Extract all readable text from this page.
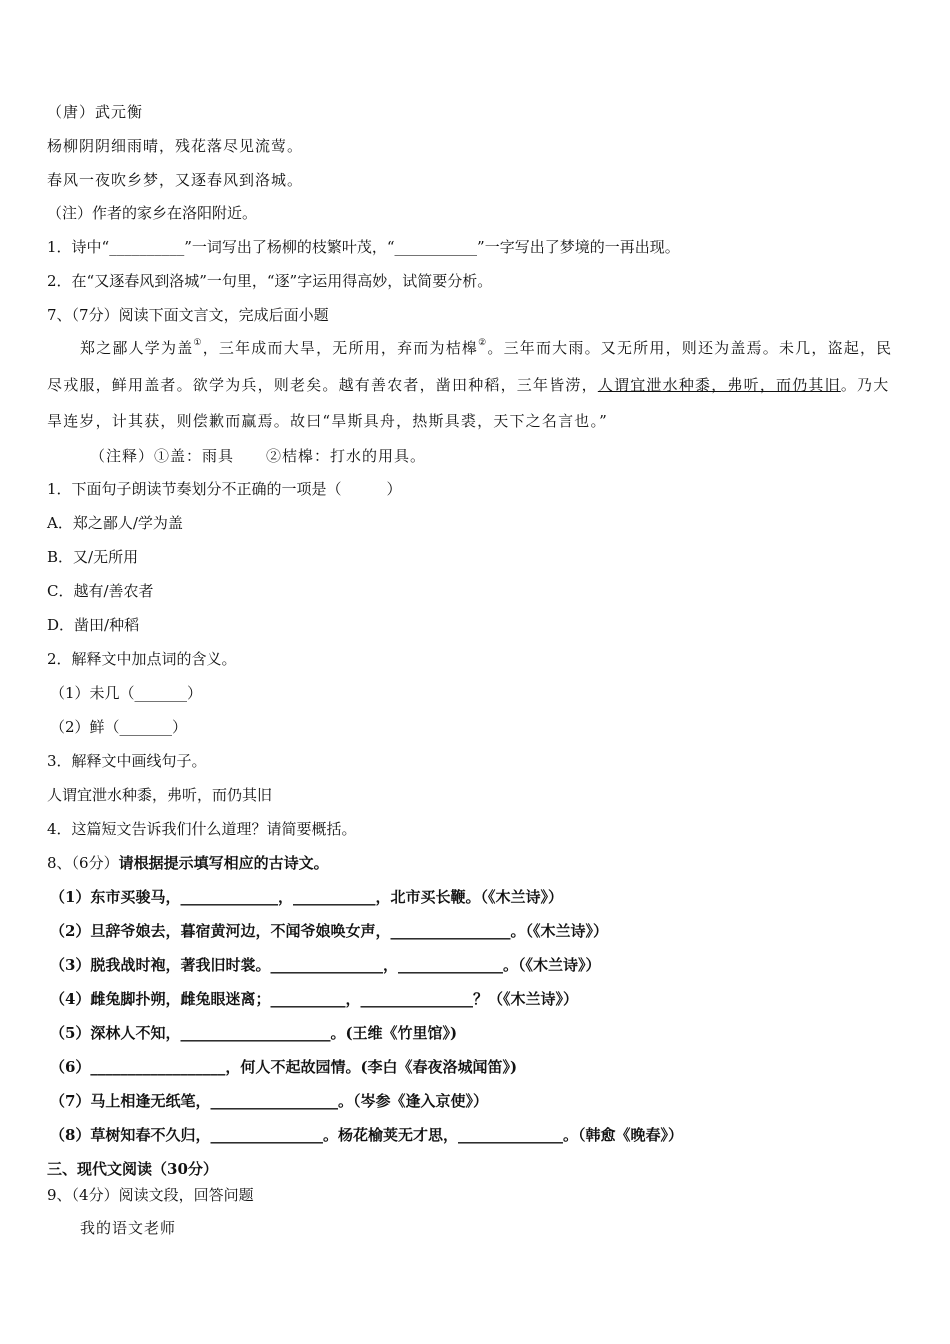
（唐）武元衡
杨柳阴阴细雨晴，残花落尽见流莺。
春风一夜吹乡梦，又逐春风到洛城。
（注）作者的家乡在洛阳附近。
1．诗中“__________”一词写出了杨柳的枝繁叶茂，“___________”一字写出了梦境的一再出现。
2．在“又逐春风到洛城”一句里，“逐”字运用得高妙，试简要分析。
7、（7分）阅读下面文言文，完成后面小题
郑之鄙人学为盖①，三年成而大旱，无所用，弃而为桔槔②。三年而大雨。又无所用，则还为盖焉。未几，盗起，民
尽戎服，鲜用盖者。欲学为兵，则老矣。越有善农者，凿田种稻，三年皆涝，人谓宜泄水种黍，弗听，而仍其旧。乃大
旱连岁，计其获，则偿歉而赢焉。故曰“旱斯具舟，热斯具裘，天下之名言也。”
（注释）①盖：雨具　　②桔槔：打水的用具。
1．下面句子朗读节奏划分不正确的一项是（　　　）
A．郑之鄙人/学为盖
B．又/无所用
C．越有/善农者
D．凿田/种稻
2．解释文中加点词的含义。
（1）未几（_______）
（2）鲜（_______）
3．解释文中画线句子。
人谓宜泄水种黍，弗听，而仍其旧
4．这篇短文告诉我们什么道理？请简要概括。
8、（6分）请根据提示填写相应的古诗文。
（1）东市买骏马，_____________，___________，北市买长鞭。（《木兰诗》）
（2）旦辞爷娘去，暮宿黄河边，不闻爷娘唤女声，________________。（《木兰诗》）
（3）脱我战时袍，著我旧时裳。_______________，______________。（《木兰诗》）
（4）雌兔脚扑朔，雌兔眼迷离；__________，_______________？（《木兰诗》）
（5）深林人不知，____________________。(王维《竹里馆》)
（6）__________________，何人不起故园情。(李白《春夜洛城闻笛》)
（7）马上相逢无纸笔，_________________。（岑参《逢入京使》）
（8）草树知春不久归，_______________。杨花榆荚无才思，______________。（韩愈《晚春》）
三、现代文阅读（30分）
9、（4分）阅读文段，回答问题
我的语文老师
